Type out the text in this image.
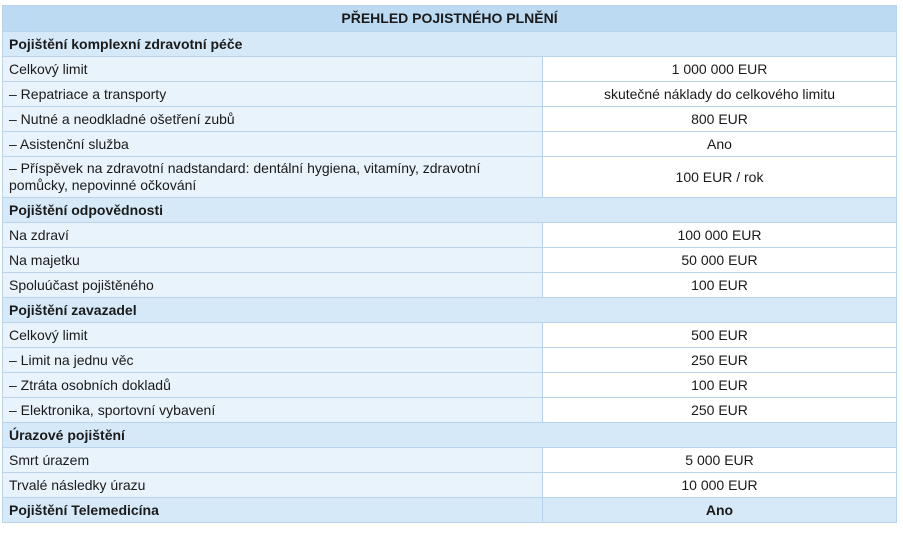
PŘEHLED POJISTNÉHO PLNĚNÍ	
Pojištění komplexní zdravotní péče	
Celkový limit	1 000 000 EUR
– Repatriace a transporty	skutečné náklady do celkového limitu
– Nutné a neodkladné ošetření zubů	800 EUR
– Asistenční služba	Ano
– Příspěvek na zdravotní nadstandard: dentální hygiena, vitamíny, zdravotní pomůcky, nepovinné očkování	100 EUR / rok
Pojištění odpovědnosti	
Na zdraví	100 000 EUR
Na majetku	50 000 EUR
Spoluúčast pojištěného	100 EUR
Pojištění zavazadel	
Celkový limit	500 EUR
– Limit na jednu věc	250 EUR
– Ztráta osobních dokladů	100 EUR
– Elektronika, sportovní vybavení	250 EUR
Úrazové pojištění	
Smrt úrazem	5 000 EUR
Trvalé následky úrazu	10 000 EUR
Pojištění Telemedicína	Ano
